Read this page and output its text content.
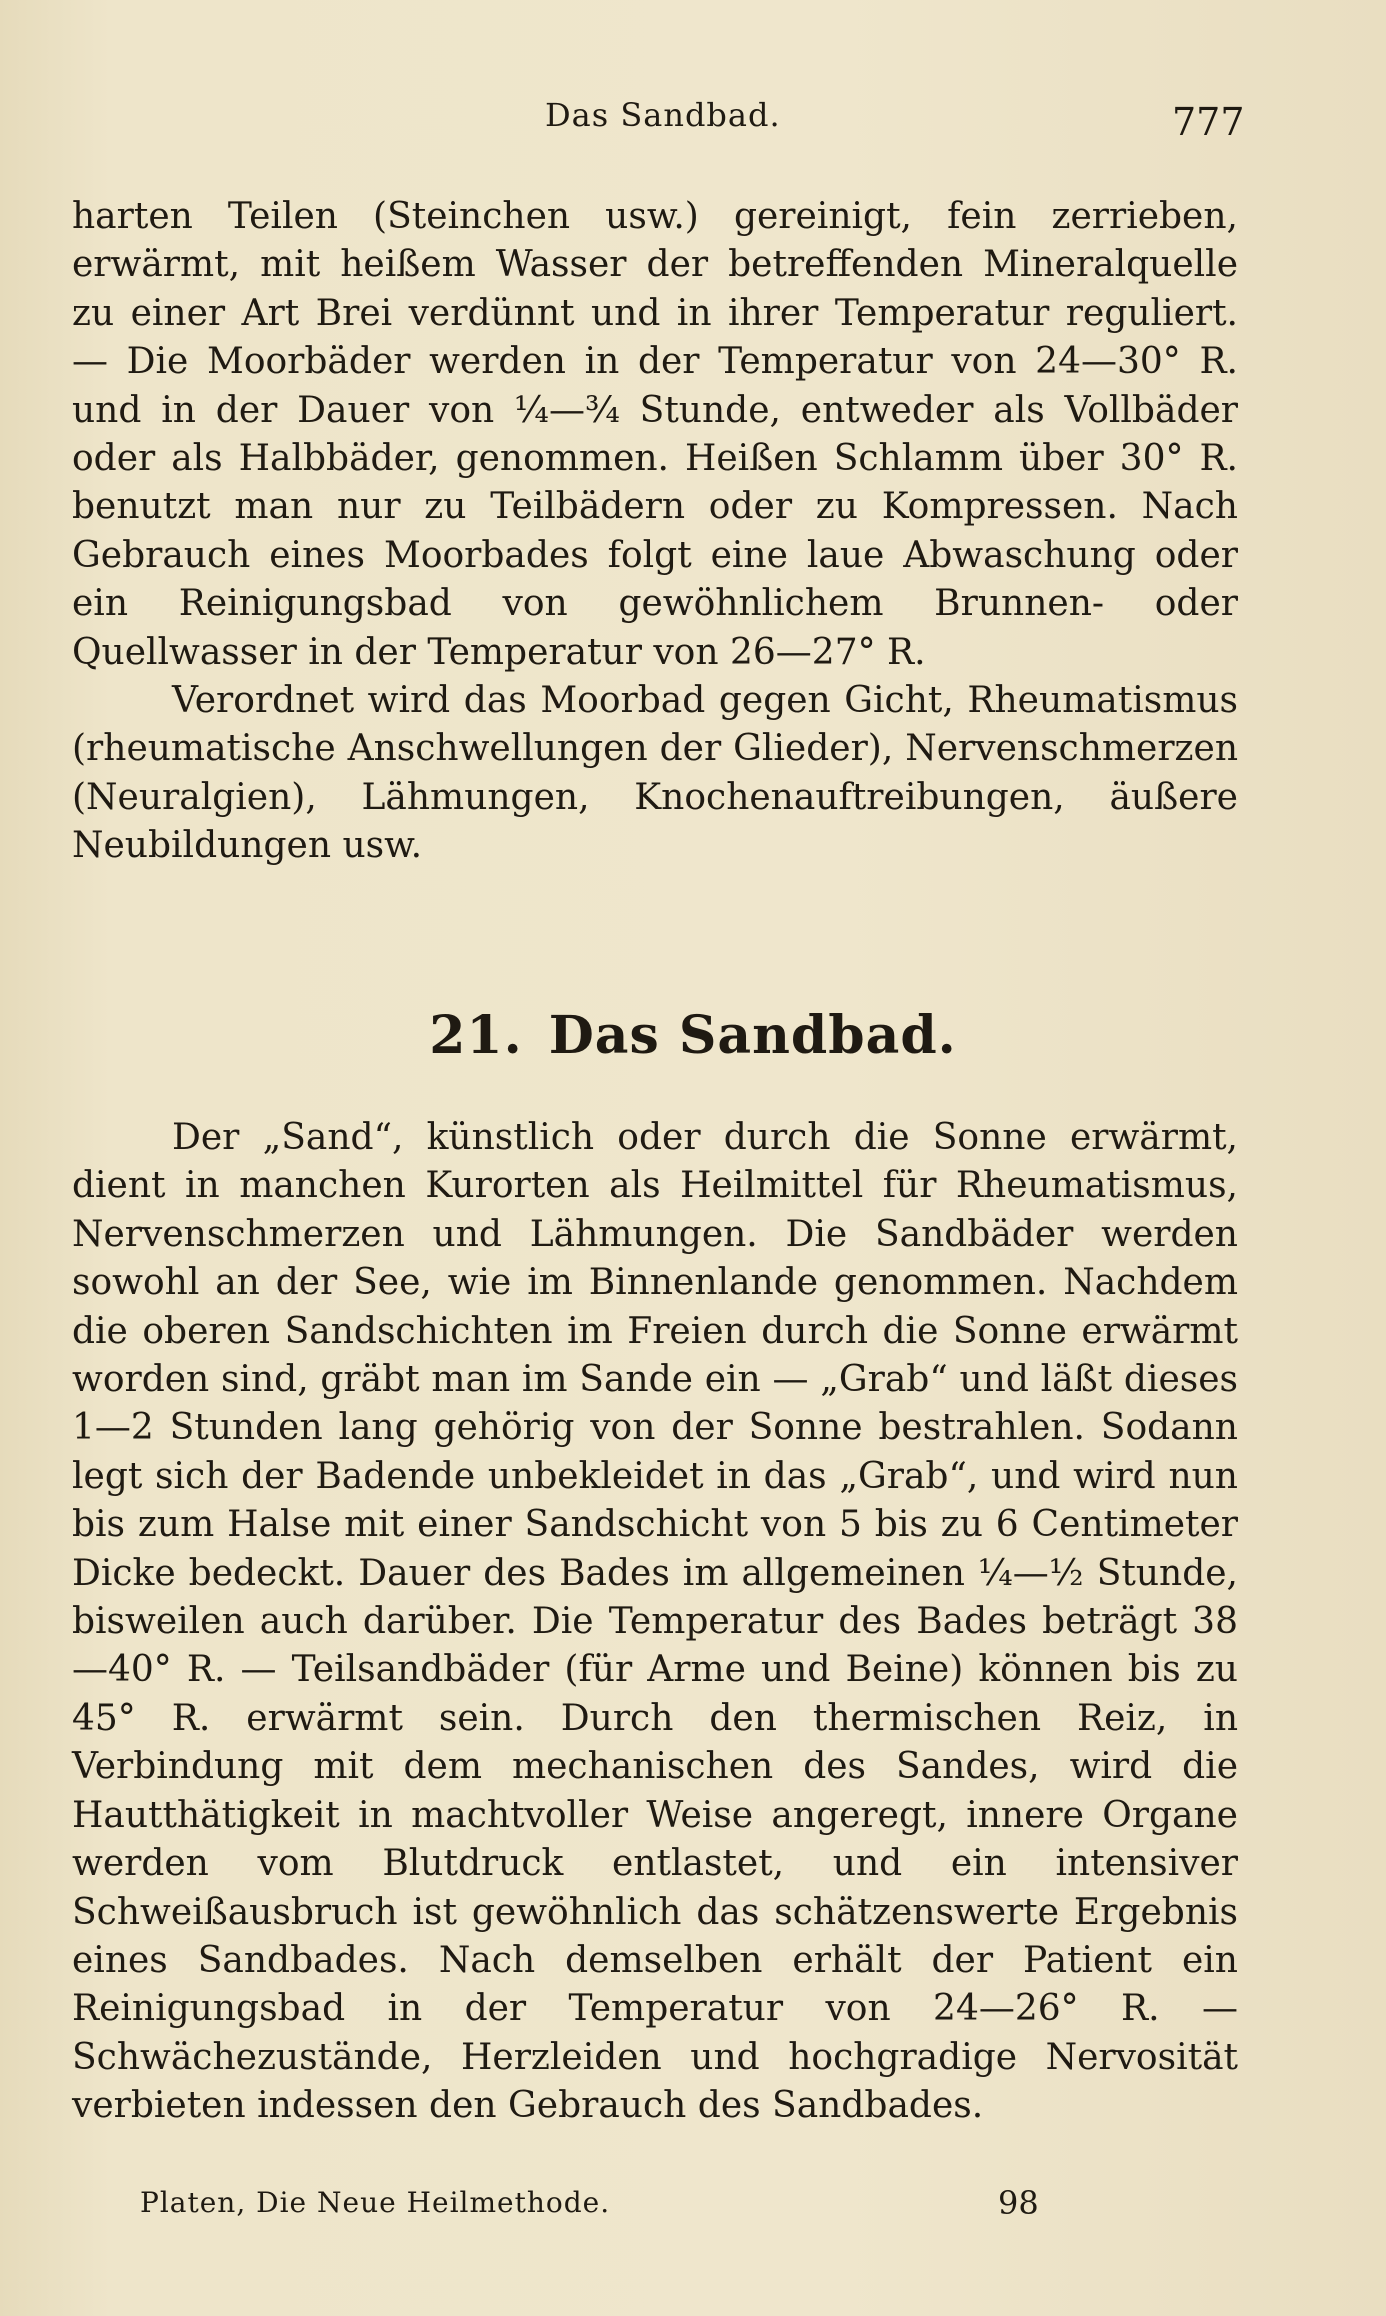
Das Sandbad.	777

harten Teilen (Steinchen usw.) gereinigt, fein zerrieben, erwärmt, mit heißem Wasser der betreffenden Mineralquelle zu einer Art Brei verdünnt und in ihrer Temperatur reguliert. — Die Moorbäder werden in der Temperatur von 24—30° R. und in der Dauer von ¼—¾ Stunde, entweder als Vollbäder oder als Halbbäder, genommen. Heißen Schlamm über 30° R. benutzt man nur zu Teilbädern oder zu Kompressen. Nach Gebrauch eines Moorbades folgt eine laue Abwaschung oder ein Reinigungsbad von gewöhnlichem Brunnen- oder Quellwasser in der Temperatur von 26—27° R.

Verordnet wird das Moorbad gegen Gicht, Rheumatismus (rheumatische Anschwellungen der Glieder), Nervenschmerzen (Neuralgien), Lähmungen, Knochenauftreibungen, äußere Neubildungen usw.

21. Das Sandbad.

Der „Sand“, künstlich oder durch die Sonne erwärmt, dient in manchen Kurorten als Heilmittel für Rheumatismus, Nervenschmerzen und Lähmungen. Die Sandbäder werden sowohl an der See, wie im Binnenlande genommen. Nachdem die oberen Sandschichten im Freien durch die Sonne erwärmt worden sind, gräbt man im Sande ein — „Grab“ und läßt dieses 1—2 Stunden lang gehörig von der Sonne bestrahlen. Sodann legt sich der Badende unbekleidet in das „Grab“, und wird nun bis zum Halse mit einer Sandschicht von 5 bis zu 6 Centimeter Dicke bedeckt. Dauer des Bades im allgemeinen ¼—½ Stunde, bisweilen auch darüber. Die Temperatur des Bades beträgt 38—40° R. — Teilsandbäder (für Arme und Beine) können bis zu 45° R. erwärmt sein. Durch den thermischen Reiz, in Verbindung mit dem mechanischen des Sandes, wird die Hautthätigkeit in machtvoller Weise angeregt, innere Organe werden vom Blutdruck entlastet, und ein intensiver Schweißausbruch ist gewöhnlich das schätzenswerte Ergebnis eines Sandbades. Nach demselben erhält der Patient ein Reinigungsbad in der Temperatur von 24—26° R. — Schwächezustände, Herzleiden und hochgradige Nervosität verbieten indessen den Gebrauch des Sandbades.

Platen, Die Neue Heilmethode.	98
